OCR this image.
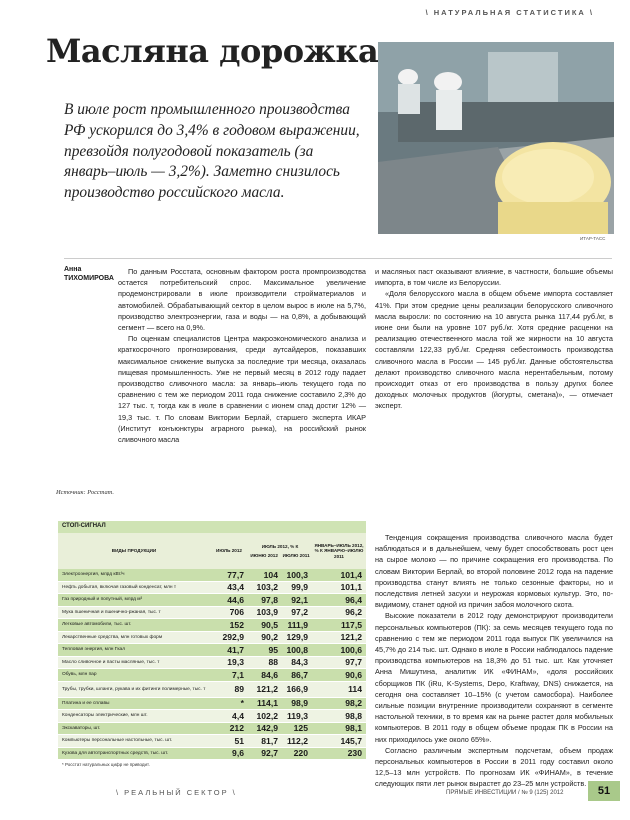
\ НАТУРАЛЬНАЯ СТАТИСТИКА \
Масляна дорожка

В июле рост промышленного производства РФ ускорился до 3,4% в годовом выражении, превзойдя полугодовой показатель (за январь–июль — 3,2%). Заметно снизилось производство российского масла.

ИТАР-ТАСС
Анна
ТИХОМИРОВА
Источник: Росстат.

По данным Росстата, основным фактором роста промпроизводства остается потребительский спрос. Максимальное увеличение продемонстрировали в июле производители стройматериалов и автомобилей. Обрабатывающий сектор в целом вырос в июле на 5,7%, производство электроэнергии, газа и воды — на 0,8%, а добывающий сегмент — всего на 0,9%.

По оценкам специалистов Центра макроэкономического анализа и краткосрочного прогнозирования, среди аутсайдеров, показавших максимальное снижение выпуска за последние три месяца, оказалась пищевая промышленность. Уже не первый месяц в 2012 году падает производство сливочного масла: за январь–июль текущего года по сравнению с тем же периодом 2011 года снижение составило 2,3% до 127 тыс. т, тогда как в июле в сравнении с июнем спад достиг 12% — 19,3 тыс. т. По словам Виктории Берлай, старшего эксперта ИКАР (Институт конъюнктуры аграрного рынка), на российский рынок сливочного масла

и масляных паст оказывают влияние, в частности, большие объемы импорта, в том числе из Белоруссии.

«Доля белорусского масла в общем объеме импорта составляет 41%. При этом средние цены реализации белорусского сливочного масла выросли: по состоянию на 10 августа рынка 117,44 руб./кг, в июне они были на уровне 107 руб./кг. Хотя средние расценки на реализацию отечественного масла той же жирности на 10 августа составляли 122,33 руб./кг. Средняя себестоимость производства сливочного масла в России — 145 руб./кг. Данные обстоятельства делают производство сливочного масла нерентабельным, потому происходит отказ от его производства в пользу других более доходных молочных продуктов (йогурты, сметана)», — отмечает эксперт.

Тенденция сокращения производства сливочного масла будет наблюдаться и в дальнейшем, чему будет способствовать рост цен на сырое молоко — по причине сокращения его производства. По словам Виктории Берлай, во второй половине 2012 года на падение производства станут влиять не только сезонные факторы, но и последствия летней засухи и неурожая кормовых культур. Это, по-видимому, станет одной из причин забоя молочного скота.

Высокие показатели в 2012 году демонстрируют производители персональных компьютеров (ПК): за семь месяцев текущего года по сравнению с тем же периодом 2011 года выпуск ПК увеличился на 45,7% до 214 тыс. шт. Однако в июле в России наблюдалось падение производства компьютеров на 18,3% до 51 тыс. шт. Как уточняет Анна Мишутина, аналитик ИК «ФИНАМ», «доля российских сборщиков ПК (iRu, K-Systems, Depo, Kraftway, DNS) снижается, на сегодня она составляет 10–15% (с учетом самосбора). Наиболее сильные позиции внутренние производители сохраняют в сегменте настольной техники, в то время как на рынке растет доля мобильных компьютеров. В 2011 году в общем объеме продаж ПК в России на них приходилось уже около 65%».

Согласно различным экспертным подсчетам, объем продаж персональных компьютеров в России в 2011 году составил около 12,5–13 млн устройств. По прогнозам ИК «ФИНАМ», в течение следующих пяти лет рынок вырастет до 23–25 млн устройств.

СТОП-СИГНАЛ
ВИДЫ ПРОДУКЦИИ	ИЮЛЬ 2012
ИЮЛЬ 2012, % К
ИЮНЮ 2012 ИЮЛЮ 2011
ЯНВАРЬ–ИЮЛЬ 2012, % К ЯНВАРЮ–ИЮЛЮ 2011
Электроэнергия, млрд кВт/ч	77,7	104 100,3	101,4
Нефть добытая, включая газовый конденсат, млн т	43,4	103,2	99,9	101,1
Газ природный и попутный, млрд м³	44,6	97,8	92,1	96,4
Мука пшеничная и пшенично-ржаная, тыс. т	706	103,9	97,2	96,2
Легковые автомобили, тыс. шт.	152	90,5	111,9	117,5
Лекарственные средства, млн готовых форм	292,9	90,2 129,9	121,2
Тепловая энергия, млн Гкал	41,7	95 100,8	100,6
Масло сливочное и пасты масляные, тыс. т	19,3	88	84,3	97,7
Обувь, млн пар	7,1	84,6	86,7	90,6
Трубы, трубки, шланги, рукава и их фитинги полимерные, тыс. т	89	121,2 166,9	114
Платина и ее сплавы	*	114,1	98,9	98,2
Конденсаторы электрические, млн шт.	4,4	102,2	119,3	98,8
Экскаваторы, шт.	212	142,9	125	98,1
Компьютеры персональные настольные, тыс. шт.	51	81,7	112,2	145,7
Кузова для автотранспортных средств, тыс. шт.	9,6	92,7	220	230
* Росстат натуральных цифр не приводит.
\ РЕАЛЬНЫЙ СЕКТОР \	ПРЯМЫЕ ИНВЕСТИЦИИ / № 9 (125) 2012	51
